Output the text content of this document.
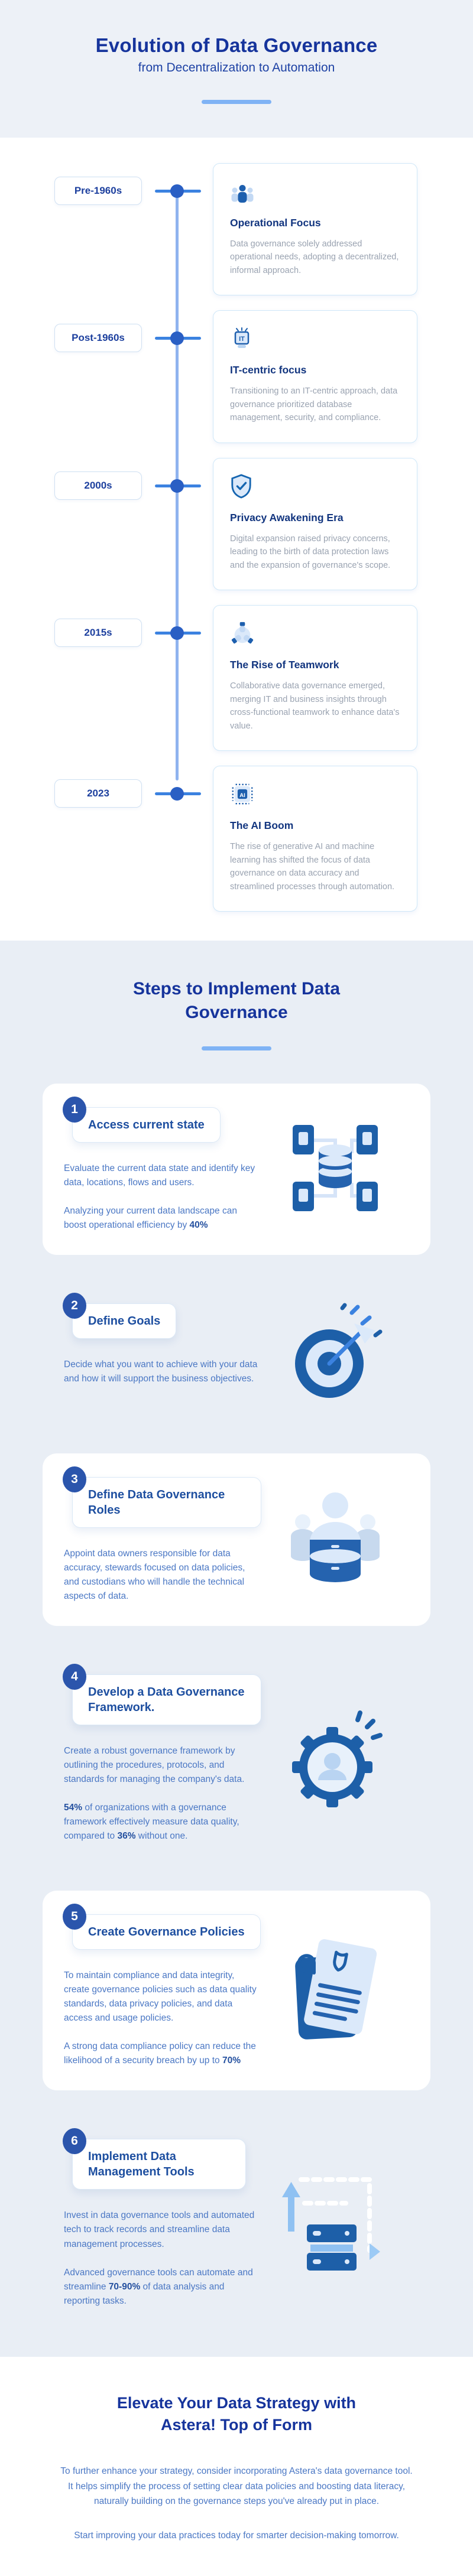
Evolution of Data Governance
from Decentralization to Automation
Pre-1960s
Operational Focus
Data governance solely addressed operational needs, adopting a decentralized, informal approach.
Post-1960s	IT
IT-centric focus
Transitioning to an IT-centric approach, data governance prioritized database management, security, and compliance.
2000s
Privacy Awakening Era
Digital expansion raised privacy concerns, leading to the birth of data protection laws and the expansion of governance's scope.
2015s
The Rise of Teamwork
Collaborative data governance emerged, merging IT and business insights through cross-functional teamwork to enhance data's value.
2023	AI
The AI Boom
The rise of generative AI and machine learning has shifted the focus of data governance on data accuracy and streamlined processes through automation.
Steps to Implement Data
Governance
1
Access current state

Evaluate the current data state and identify key data, locations, flows and users.

Analyzing your current data landscape can boost operational efficiency by 40%

2
Define Goals

Decide what you want to achieve with your data and how it will support the business objectives.

3
Define Data Governance Roles

Appoint data owners responsible for data accuracy, stewards focused on data policies, and custodians who will handle the technical aspects of data.

4
Develop a Data Governance Framework.

Create a robust governance framework by outlining the procedures, protocols, and standards for managing the company's data.

54% of organizations with a governance framework effectively measure data quality, compared to 36% without one.

5
Create Governance Policies

To maintain compliance and data integrity, create governance policies such as data quality standards, data privacy policies, and data access and usage policies.

A strong data compliance policy can reduce the likelihood of a security breach by up to 70%

6
Implement Data Management Tools

Invest in data governance tools and automated tech to track records and streamline data management processes.

Advanced governance tools can automate and streamline 70-90% of data analysis and reporting tasks.

Elevate Your Data Strategy with
Astera! Top of Form

To further enhance your strategy, consider incorporating Astera's data governance tool. It helps simplify the process of setting clear data policies and boosting data literacy, naturally building on the governance steps you've already put in place.

Start improving your data practices today for smarter decision-making tomorrow.
